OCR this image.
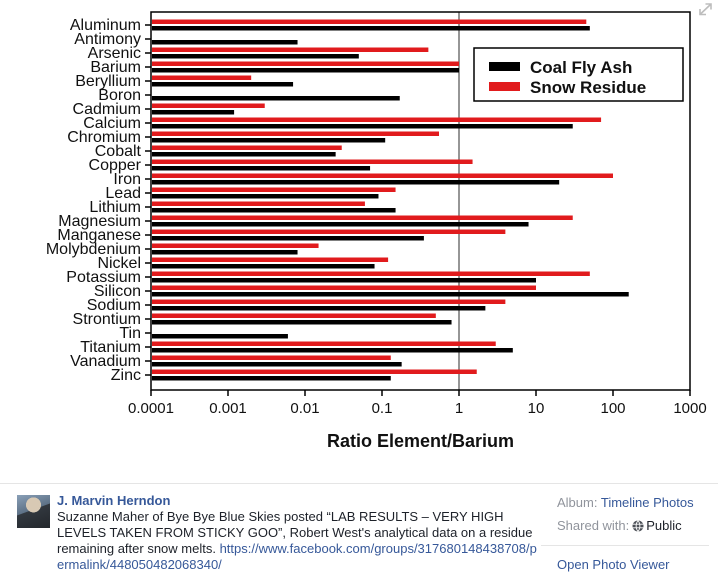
0.0001 0.001	0.01	0.1	1	10	100	1000
Ratio Element/Barium
Aluminum
Antimony
Arsenic
Barium
Beryllium
Boron
Cadmium
Calcium
Chromium
Cobalt
Copper
Iron
Lead
Lithium
Magnesium
Manganese
Molybdenium
Nickel
Potassium
Silicon
Sodium
Strontium
Tin
Titanium
Vanadium
Zinc
Coal Fly Ash
Snow Residue
J. Marvin Herndon
Suzanne Maher of Bye Bye Blue Skies posted “LAB RESULTS – VERY HIGH LEVELS TAKEN FROM STICKY GOO”, Robert West's analytical data on a residue remaining after snow melts. https://www.facebook.com/groups/317680148438708/permalink/448050482068340/
Album: Timeline Photos
Shared with: Public
Open Photo Viewer
